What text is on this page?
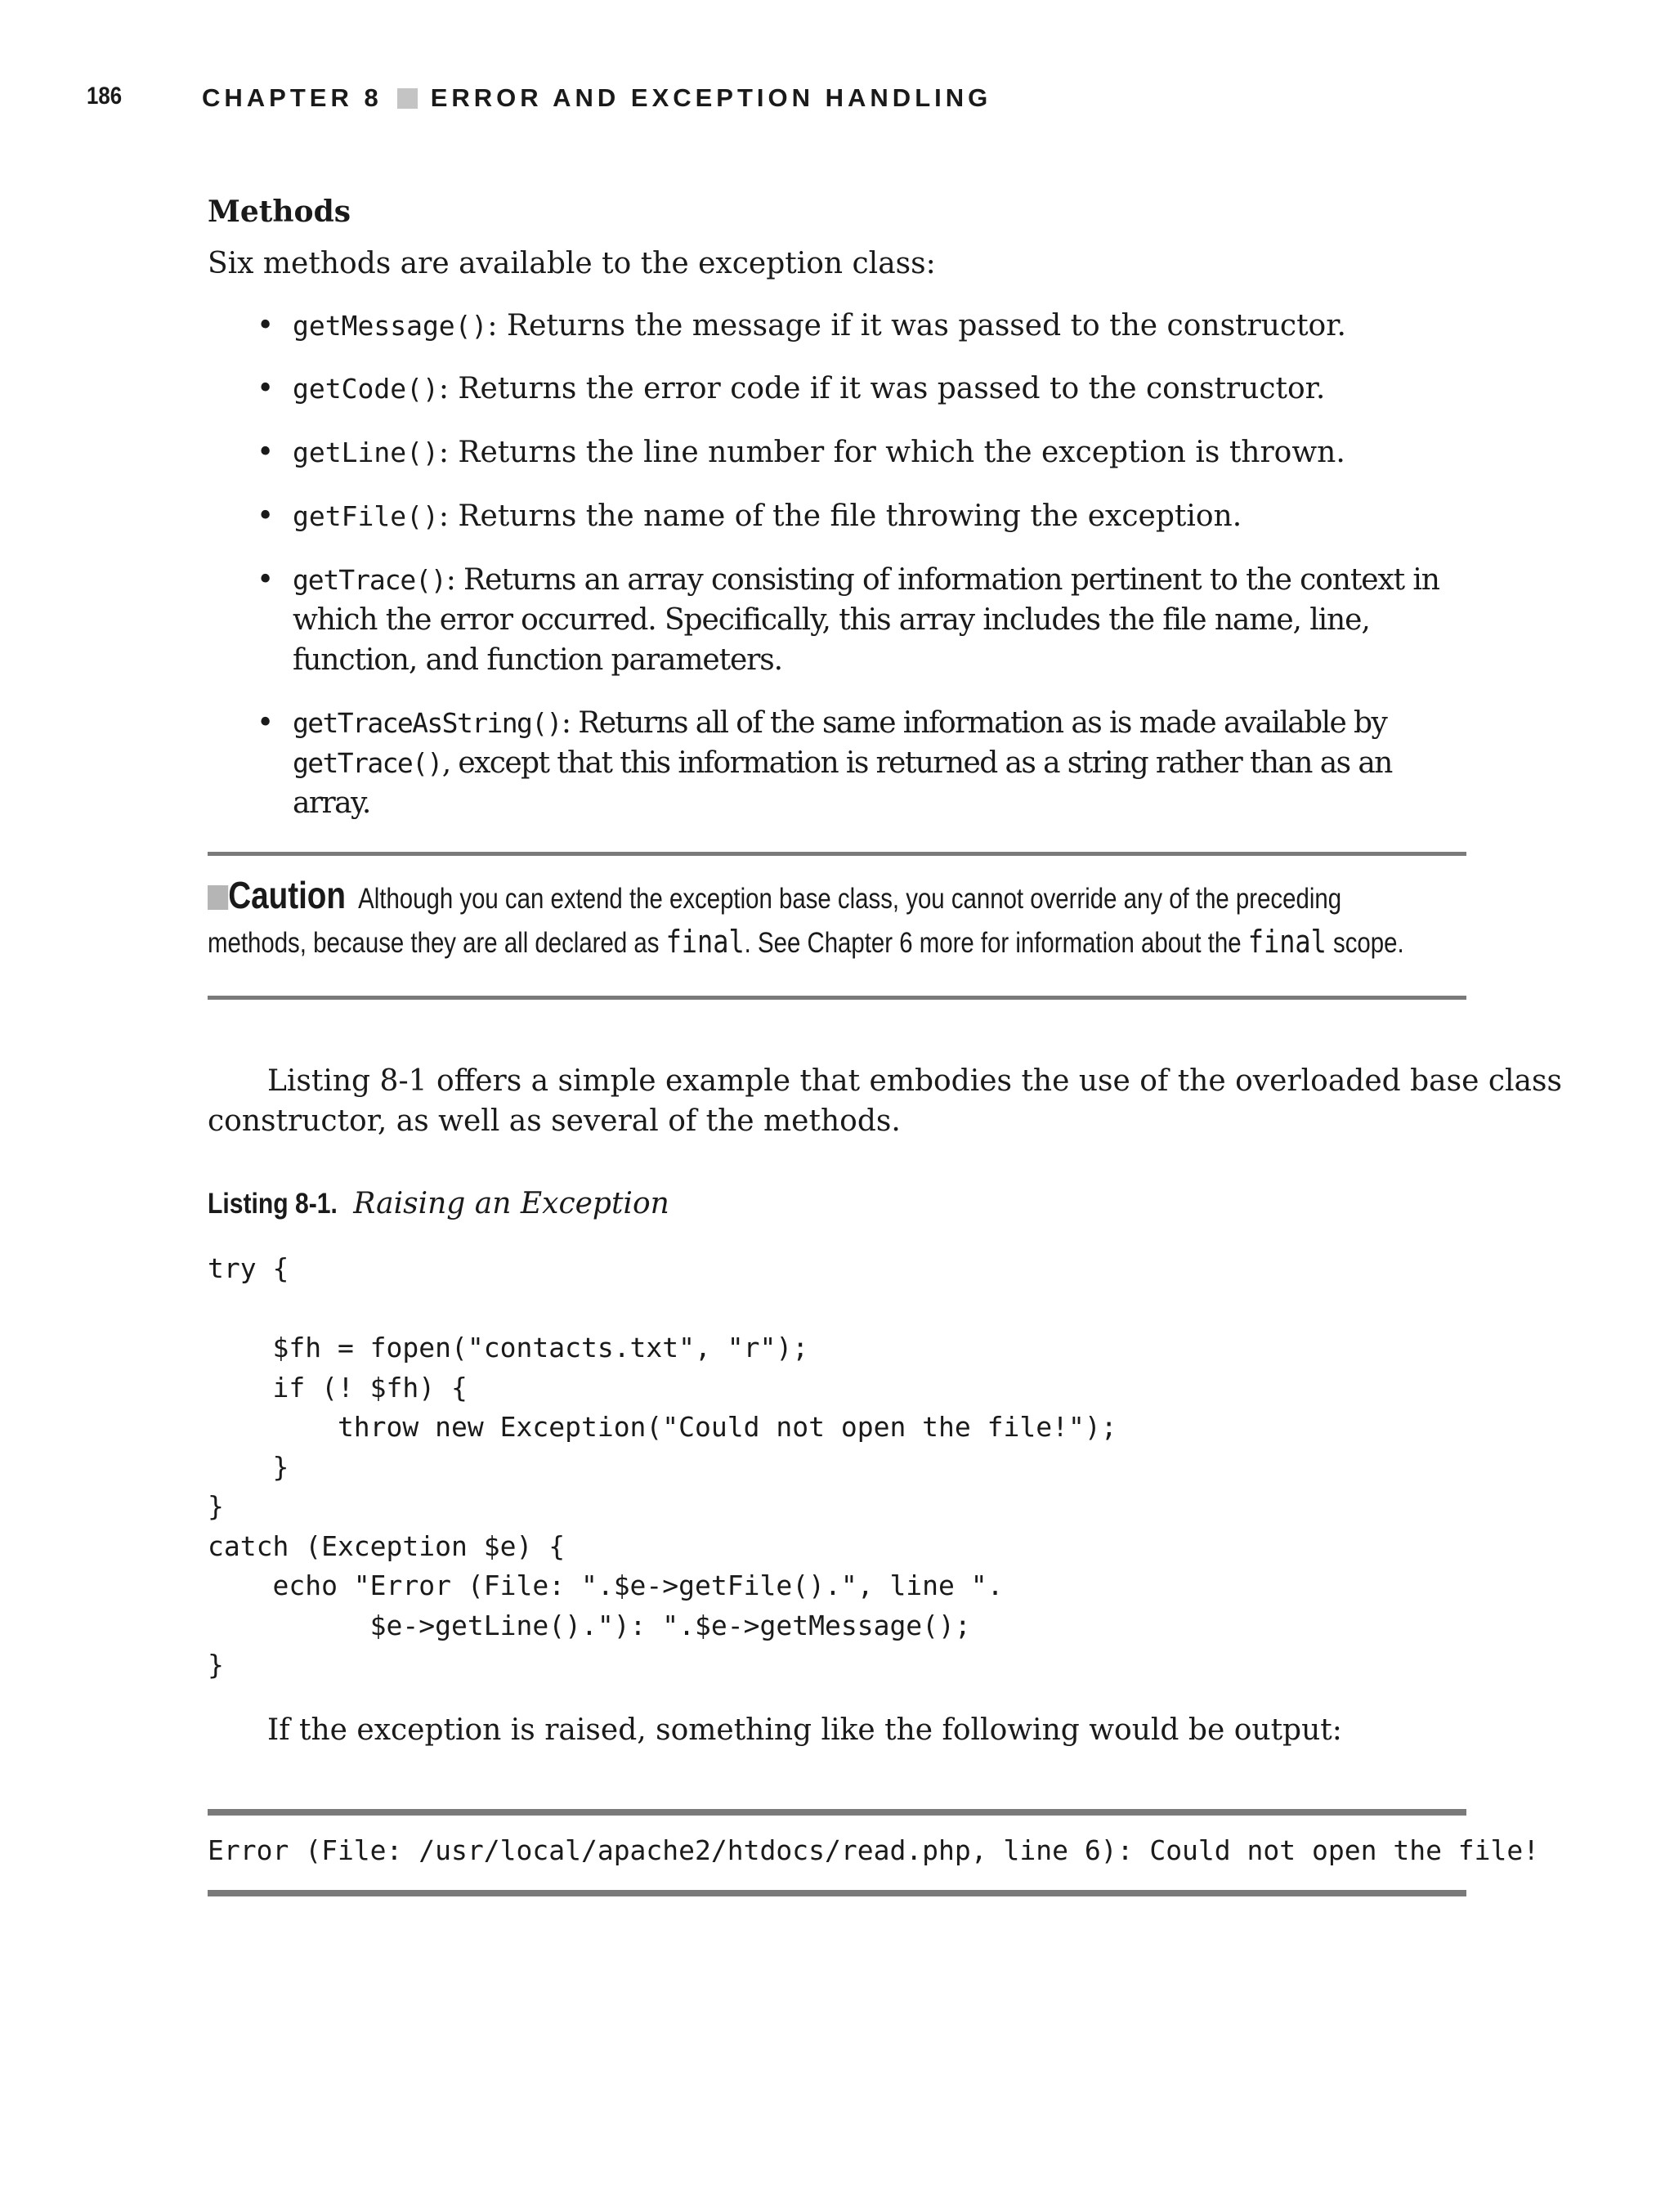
186	CHAPTER 8 ERROR AND EXCEPTION HANDLING
Methods
Six methods are available to the exception class:
• getMessage(): Returns the message if it was passed to the constructor.
• getCode(): Returns the error code if it was passed to the constructor.
• getLine(): Returns the line number for which the exception is thrown.
• getFile(): Returns the name of the file throwing the exception.
• getTrace(): Returns an array consisting of information pertinent to the context in which the error occurred. Specifically, this array includes the file name, line, function, and function parameters.
• getTraceAsString(): Returns all of the same information as is made available by getTrace(), except that this information is returned as a string rather than as an array.
Caution Although you can extend the exception base class, you cannot override any of the preceding
methods, because they are all declared as final. See Chapter 6 more for information about the final scope.
Listing 8-1 offers a simple example that embodies the use of the overloaded base class
constructor, as well as several of the methods.
Listing 8-1. Raising an Exception
try {

$fh = fopen("contacts.txt", "r");
if (! $fh) {
throw new Exception("Could not open the file!");
}
}
catch (Exception $e) {
echo "Error (File: ".$e->getFile().", line ".
$e->getLine()."): ".$e->getMessage();
}
If the exception is raised, something like the following would be output:
Error (File: /usr/local/apache2/htdocs/read.php, line 6): Could not open the file!
